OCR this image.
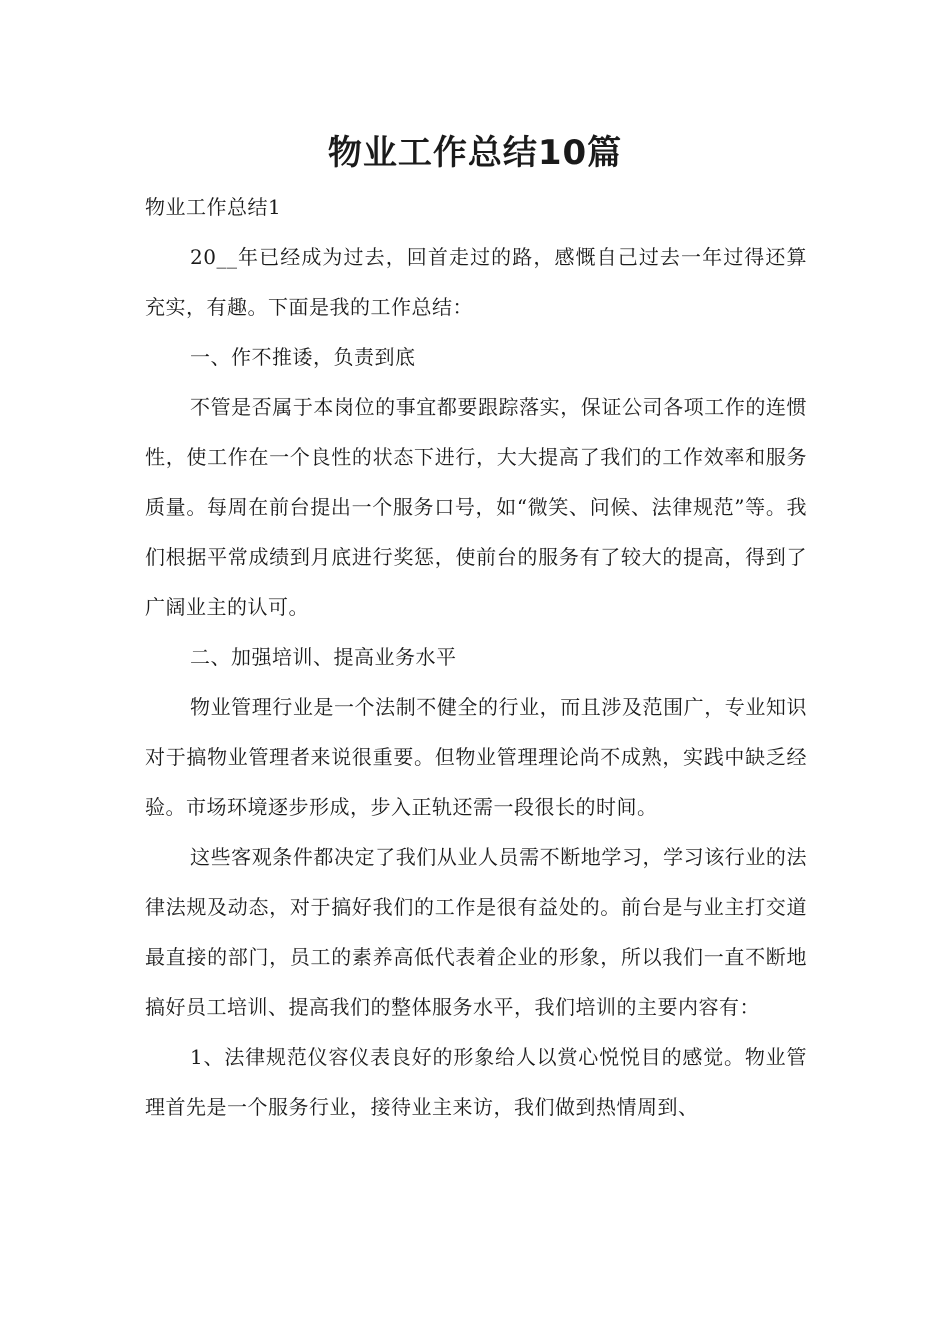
物业工作总结10篇

物业工作总结1

20__年已经成为过去，回首走过的路，感慨自己过去一年过得还算充实，有趣。下面是我的工作总结：

一、作不推诿，负责到底

不管是否属于本岗位的事宜都要跟踪落实，保证公司各项工作的连惯性，使工作在一个良性的状态下进行，大大提高了我们的工作效率和服务质量。每周在前台提出一个服务口号，如“微笑、问候、法律规范”等。我们根据平常成绩到月底进行奖惩，使前台的服务有了较大的提高，得到了广阔业主的认可。

二、加强培训、提高业务水平

物业管理行业是一个法制不健全的行业，而且涉及范围广，专业知识对于搞物业管理者来说很重要。但物业管理理论尚不成熟，实践中缺乏经验。市场环境逐步形成，步入正轨还需一段很长的时间。

这些客观条件都决定了我们从业人员需不断地学习，学习该行业的法律法规及动态，对于搞好我们的工作是很有益处的。前台是与业主打交道最直接的部门，员工的素养高低代表着企业的形象，所以我们一直不断地搞好员工培训、提高我们的整体服务水平，我们培训的主要内容有：

1、法律规范仪容仪表良好的形象给人以赏心悦悦目的感觉。物业管理首先是一个服务行业，接待业主来访，我们做到热情周到、
